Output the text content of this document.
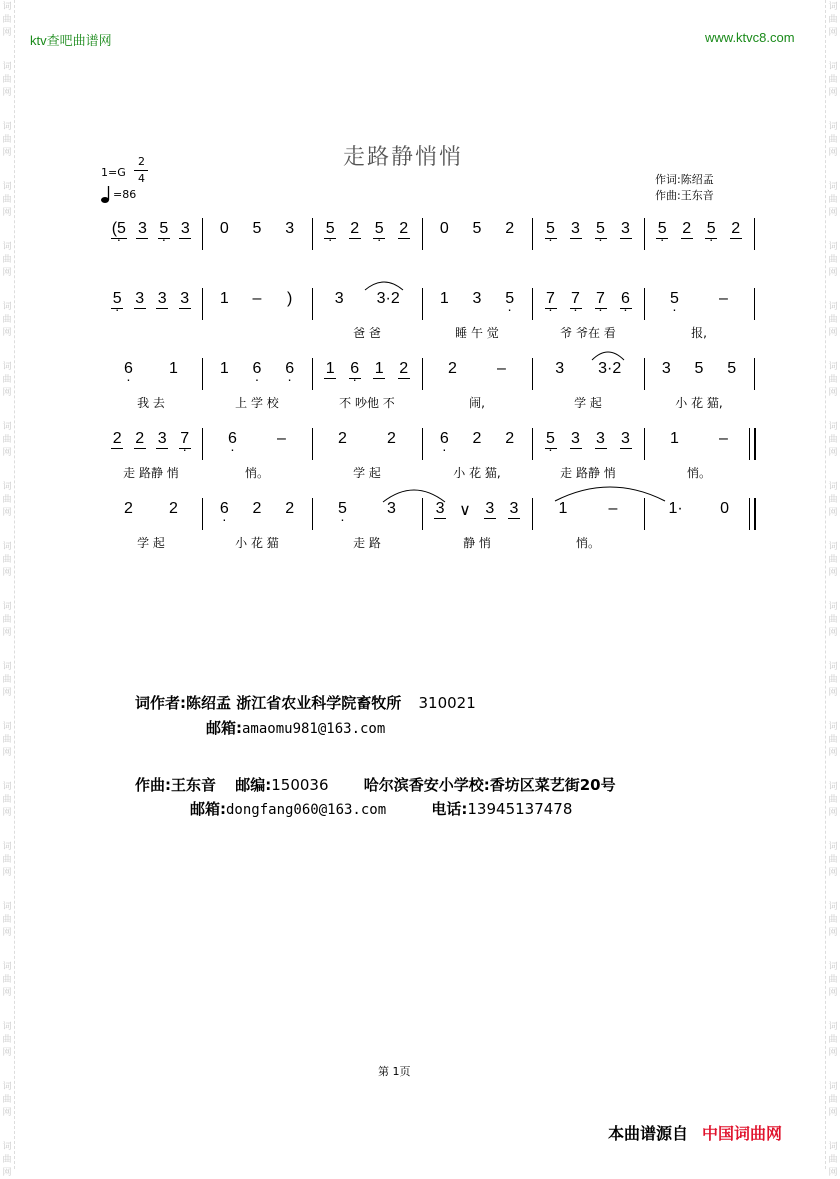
词
曲
网
词
曲
网
词
曲
网
词
曲
网
词
曲
网
词
曲
网
词
曲
网
词
曲
网
词
曲
网
词
曲
网
词
曲
网
词
曲
网
词
曲
网
词
曲
网
词
曲
网
词
曲
网
词
曲
网
词
曲
网
词
曲
网
词
曲
网
词
曲
网
词
曲
网
词
曲
网
词
曲
网
词
曲
网
词
曲
网
词
曲
网
词
曲
网
词
曲
网
词
曲
网
词
曲
网
词
曲
网
词
曲
网
词
曲
网
词
曲
网
词
曲
网
词
曲
网
词
曲
网
词
曲
网
词
曲
网
ktv查吧曲谱网	www.ktvc8.com
走路静悄悄
1=G
2
4
=86
作词:陈绍孟
作曲:王东音
· (5 3 · 5 3 0 5 3 · 5 2 · 5 2 0 5 2 · 5 3 · 5 3 · 5 2 · 5 2
· 5 3 3 3 1 – )	3 3·2	1 3 · 5 · 7 · 7 · 7 · 6	· 5	–
爸 爸	睡 午 觉	爷 爷在 看	报,
· 6 1	1 · 6 · 6 1 · 6 1 2 2	–	3 3·2	3 5 5
我 去	上 学 校	不 吵他 不	闹,	学 起	小 花 猫,
2 2 3 · 7 · 6	–	2	2	· 6 2 2 · 5 3 3 3	1	–
走 路静 悄	悄。	学 起	小 花 猫,	走 路静 悄	悄。
2 2	· 6 2 2	· 5	3 3 ∨ 3 3	1	–	1· 0
学 起	小 花 猫	走 路	静 悄	悄。
词作者:陈绍孟 浙江省农业科学院畜牧所 310021
邮箱:amaomu981@163.com
作曲:王东音 邮编:150036 哈尔滨香安小学校:香坊区菜艺街20号
邮箱:dongfang060@163.com	电话:13945137478
第 1页
本曲谱源自 中国词曲网
